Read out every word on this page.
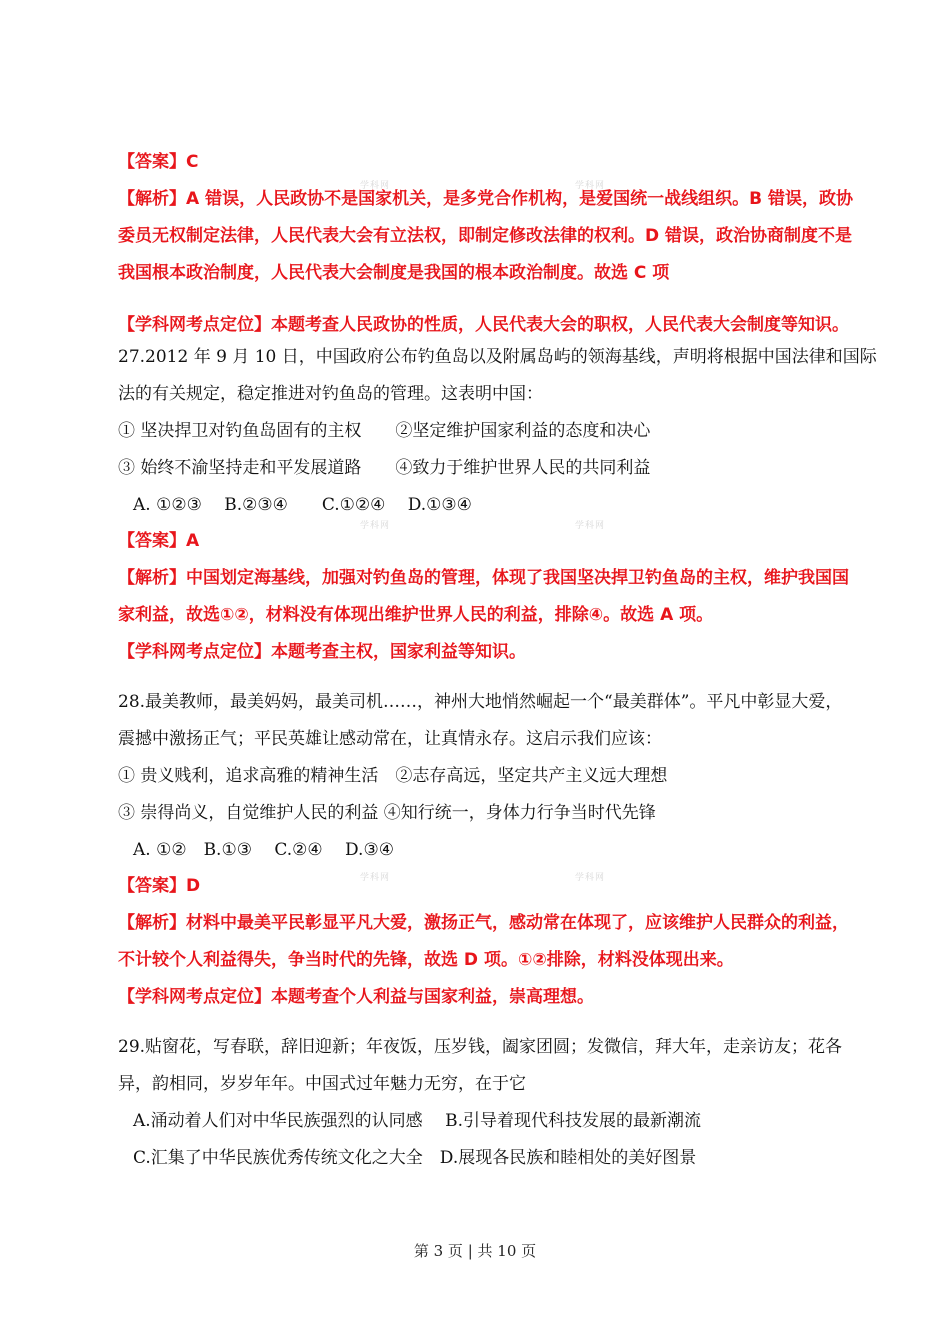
【答案】C
【解析】A 错误，人民政协不是国家机关，是多党合作机构，是爱国统一战线组织。B 错误，政协
委员无权制定法律，人民代表大会有立法权，即制定修改法律的权利。D 错误，政治协商制度不是
我国根本政治制度，人民代表大会制度是我国的根本政治制度。故选 C 项
【学科网考点定位】本题考查人民政协的性质，人民代表大会的职权，人民代表大会制度等知识。
27.2012 年 9 月 10 日，中国政府公布钓鱼岛以及附属岛屿的领海基线，声明将根据中国法律和国际
法的有关规定，稳定推进对钓鱼岛的管理。这表明中国：
① 坚决捍卫对钓鱼岛固有的主权　　②坚定维护国家利益的态度和决心
③ 始终不渝坚持走和平发展道路　　④致力于维护世界人民的共同利益
A. ①②③　 B.②③④　　C.①②④　 D.①③④
【答案】A
【解析】中国划定海基线，加强对钓鱼岛的管理，体现了我国坚决捍卫钓鱼岛的主权，维护我国国
家利益，故选①②，材料没有体现出维护世界人民的利益，排除④。故选 A 项。
【学科网考点定位】本题考查主权，国家利益等知识。
28.最美教师，最美妈妈，最美司机……，神州大地悄然崛起一个“最美群体”。平凡中彰显大爱，
震撼中激扬正气；平民英雄让感动常在，让真情永存。这启示我们应该：
① 贵义贱利，追求高雅的精神生活　②志存高远，坚定共产主义远大理想
③ 崇得尚义，自觉维护人民的利益 ④知行统一，身体力行争当时代先锋
A. ①②　B.①③　 C.②④　 D.③④
【答案】D
【解析】材料中最美平民彰显平凡大爱，激扬正气，感动常在体现了，应该维护人民群众的利益，
不计较个人利益得失，争当时代的先锋，故选 D 项。①②排除，材料没体现出来。
【学科网考点定位】本题考查个人利益与国家利益，崇高理想。
29.贴窗花，写春联，辞旧迎新；年夜饭，压岁钱，阖家团圆；发微信，拜大年，走亲访友；花各
异，韵相同，岁岁年年。中国式过年魅力无穷，在于它
A.涌动着人们对中华民族强烈的认同感　 B.引导着现代科技发展的最新潮流
C.汇集了中华民族优秀传统文化之大全　D.展现各民族和睦相处的美好图景
学科网	学科网
学科网	学科网
学科网	学科网
第 3 页 | 共 10 页
